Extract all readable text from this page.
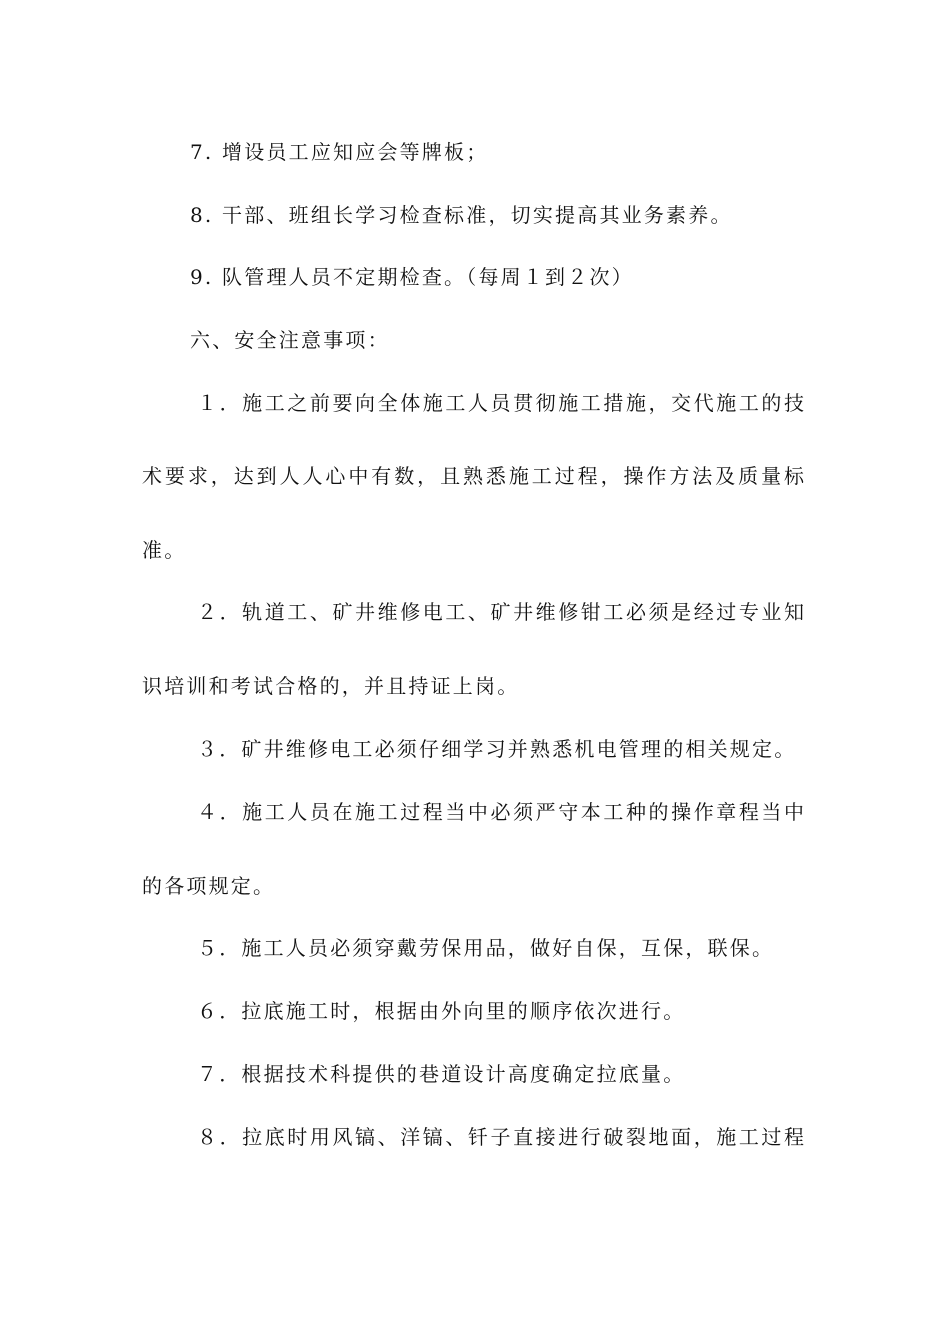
7. 增设员工应知应会等牌板；
8. 干部、班组长学习检查标准，切实提高其业务素养。
9. 队管理人员不定期检查。（每周１到２次）
六、安全注意事项：
１．施工之前要向全体施工人员贯彻施工措施，交代施工的技
术要求，达到人人心中有数，且熟悉施工过程，操作方法及质量标
准。
２．轨道工、矿井维修电工、矿井维修钳工必须是经过专业知
识培训和考试合格的，并且持证上岗。
３．矿井维修电工必须仔细学习并熟悉机电管理的相关规定。
４．施工人员在施工过程当中必须严守本工种的操作章程当中
的各项规定。
５．施工人员必须穿戴劳保用品，做好自保，互保，联保。
６．拉底施工时，根据由外向里的顺序依次进行。
７．根据技术科提供的巷道设计高度确定拉底量。
８．拉底时用风镐、洋镐、钎子直接进行破裂地面，施工过程
